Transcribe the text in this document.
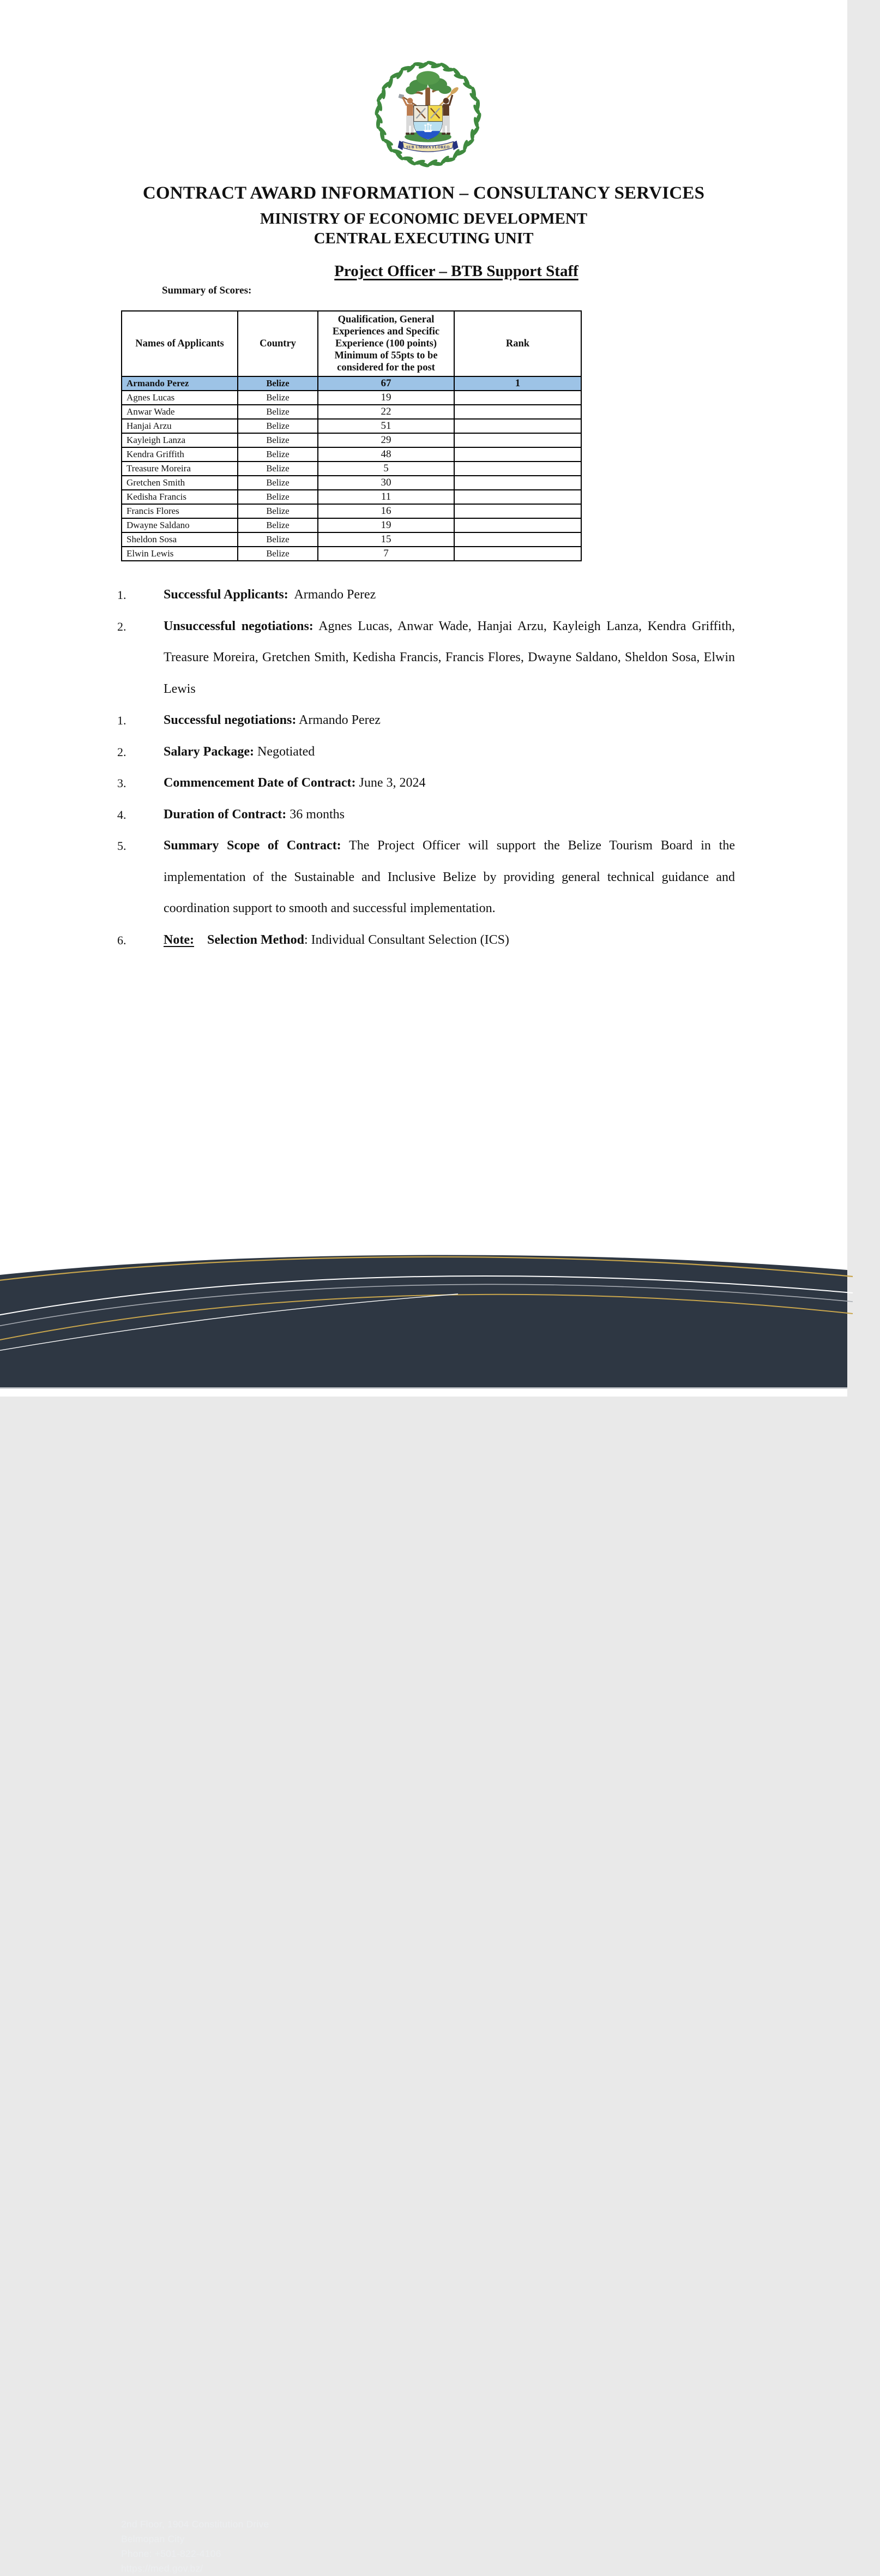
SUB UMBRA FLOREO
CONTRACT AWARD INFORMATION – CONSULTANCY SERVICES
MINISTRY OF ECONOMIC DEVELOPMENT
CENTRAL EXECUTING UNIT
Project Officer – BTB Support Staff
Summary of Scores:
Names of Applicants	Country	Qualification, General Experiences and Specific Experience (100 points) Minimum of 55pts to be considered for the post	Rank
Armando Perez	Belize	67	1
Agnes Lucas	Belize	19	
Anwar Wade	Belize	22	
Hanjai Arzu	Belize	51	
Kayleigh Lanza	Belize	29	
Kendra Griffith	Belize	48	
Treasure Moreira	Belize	5	
Gretchen Smith	Belize	30	
Kedisha Francis	Belize	11	
Francis Flores	Belize	16	
Dwayne Saldano	Belize	19	
Sheldon Sosa	Belize	15	
Elwin Lewis	Belize	7	
1.	Successful Applicants:  Armando Perez
2.	Unsuccessful negotiations: Agnes Lucas, Anwar Wade, Hanjai Arzu, Kayleigh Lanza, Kendra Griffith, Treasure Moreira, Gretchen Smith, Kedisha Francis, Francis Flores, Dwayne Saldano, Sheldon Sosa, Elwin Lewis
1.	Successful negotiations: Armando Perez
2.	Salary Package: Negotiated
3.	Commencement Date of Contract: June 3, 2024
4.	Duration of Contract: 36 months
5.	Summary Scope of Contract: The Project Officer will support the Belize Tourism Board in the implementation of the Sustainable and Inclusive Belize by providing general technical guidance and coordination support to smooth and successful implementation.
6.	Note: Selection Method: Individual Consultant Selection (ICS)
2nd Floor, 1904 Constitution Drive
Belmopan City
Phone: +501-822-4106
https://med.gov.bz/
